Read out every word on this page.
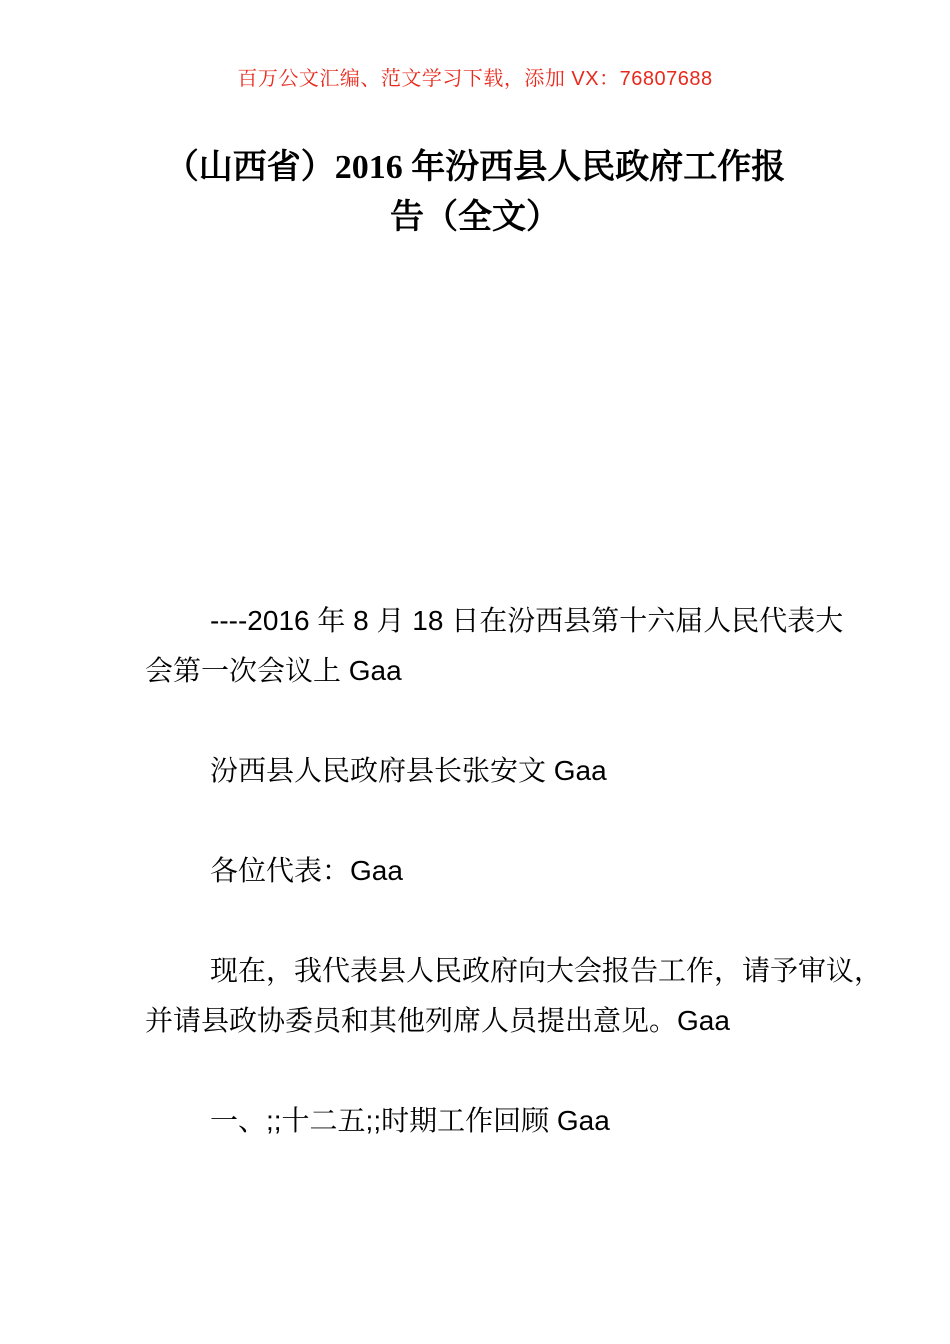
百万公文汇编、范文学习下载，添加 VX：76807688
（山西省）2016 年汾西县人民政府工作报
告（全文）

----2016 年 8 月 18 日在汾西县第十六届人民代表大
会第一次会议上 Gaa

汾西县人民政府县长张安文 Gaa

各位代表：Gaa

现在，我代表县人民政府向大会报告工作，请予审议，
并请县政协委员和其他列席人员提出意见。Gaa

一、;;十二五;;时期工作回顾 Gaa
